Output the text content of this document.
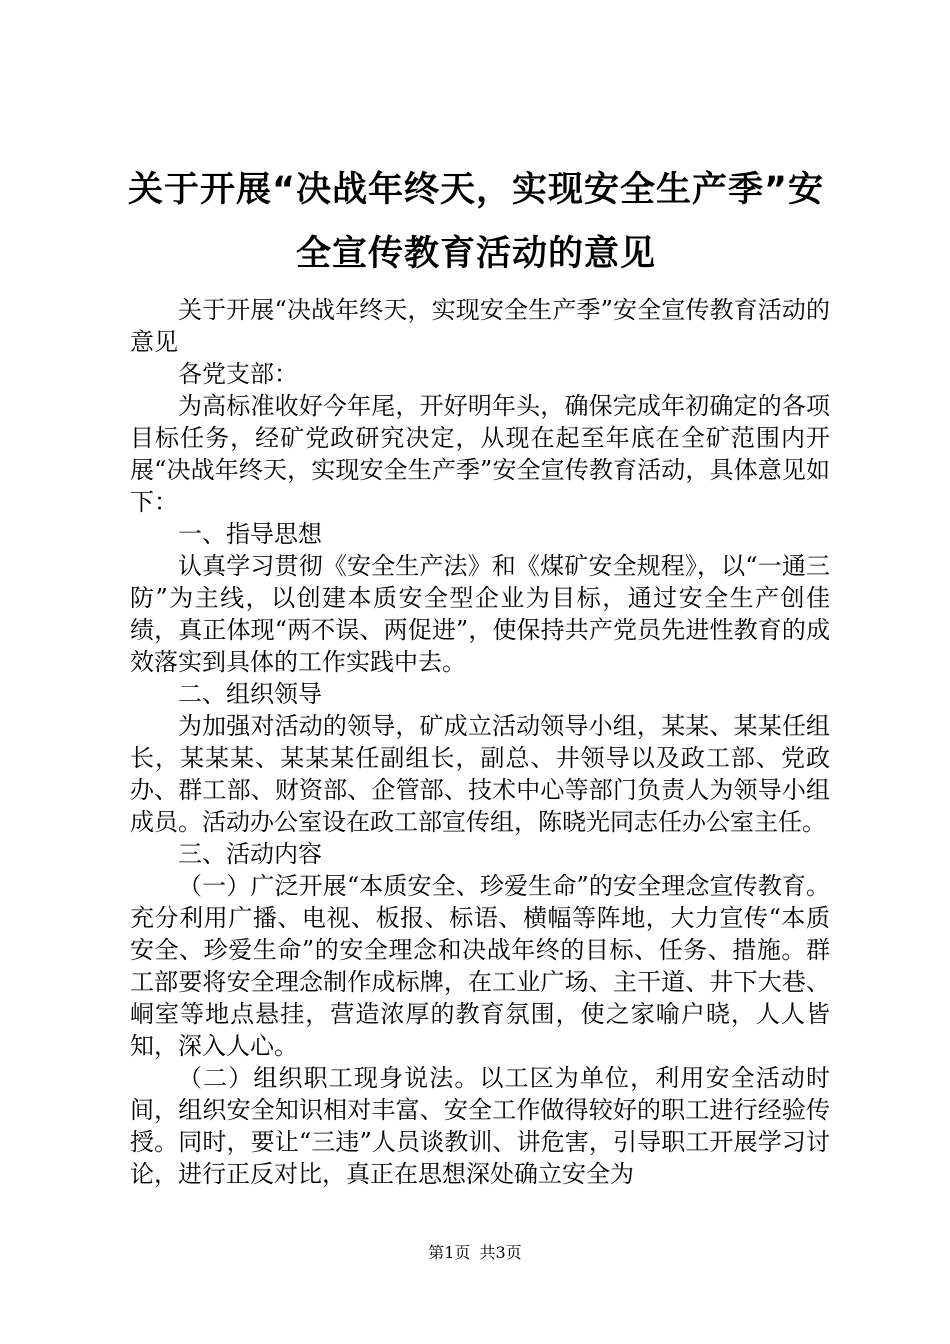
关于开展“决战年终天，实现安全生产季”安
全宣传教育活动的意见

关于开展“决战年终天，实现安全生产季”安全宣传教育活动的意见

各党支部：

为高标准收好今年尾，开好明年头，确保完成年初确定的各项目标任务，经矿党政研究决定，从现在起至年底在全矿范围内开展“决战年终天，实现安全生产季”安全宣传教育活动，具体意见如下：

一、指导思想

认真学习贯彻《安全生产法》和《煤矿安全规程》，以“一通三防”为主线，以创建本质安全型企业为目标，通过安全生产创佳绩，真正体现“两不误、两促进”，使保持共产党员先进性教育的成效落实到具体的工作实践中去。

二、组织领导

为加强对活动的领导，矿成立活动领导小组，某某、某某任组长，某某某、某某某任副组长，副总、井领导以及政工部、党政办、群工部、财资部、企管部、技术中心等部门负责人为领导小组成员。活动办公室设在政工部宣传组，陈晓光同志任办公室主任。

三、活动内容

（一）广泛开展“本质安全、珍爱生命”的安全理念宣传教育。充分利用广播、电视、板报、标语、横幅等阵地，大力宣传“本质安全、珍爱生命”的安全理念和决战年终的目标、任务、措施。群工部要将安全理念制作成标牌，在工业广场、主干道、井下大巷、峒室等地点悬挂，营造浓厚的教育氛围，使之家喻户晓，人人皆知，深入人心。

（二）组织职工现身说法。以工区为单位，利用安全活动时间，组织安全知识相对丰富、安全工作做得较好的职工进行经验传授。同时，要让“三违”人员谈教训、讲危害，引导职工开展学习讨论，进行正反对比，真正在思想深处确立安全为

第1页 共3页
